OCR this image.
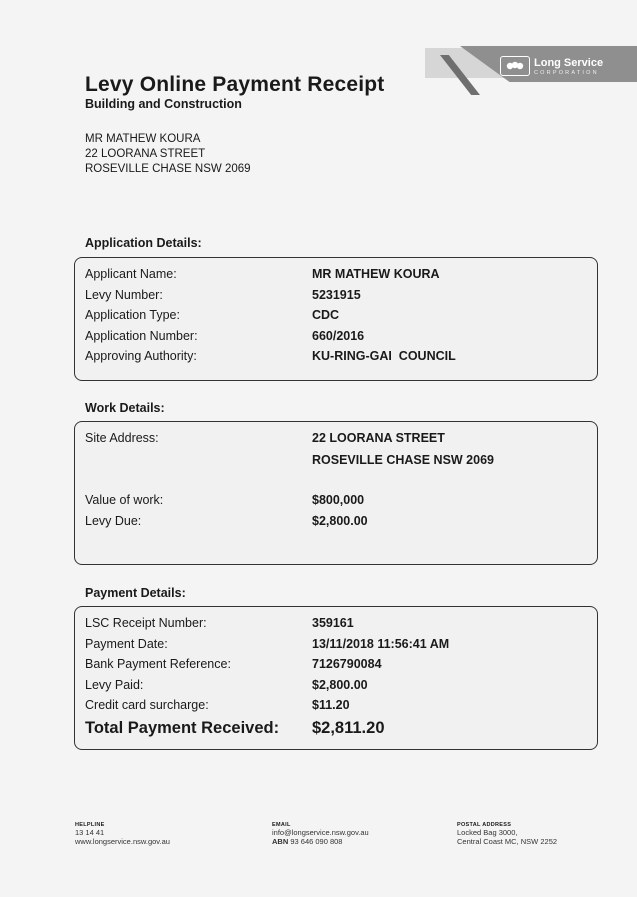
Long Service
CORPORATION
Levy Online Payment Receipt
Building and Construction
MR MATHEW KOURA
22 LOORANA STREET
ROSEVILLE CHASE NSW 2069
Application Details:
Applicant Name:	MR MATHEW KOURA
Levy Number:	5231915
Application Type:	CDC
Application Number:	660/2016
Approving Authority:	KU-RING-GAI  COUNCIL
Work Details:
Site Address:	22 LOORANA STREET
ROSEVILLE CHASE NSW 2069
Value of work:	$800,000
Levy Due:	$2,800.00
Payment Details:
LSC Receipt Number:	359161
Payment Date:	13/11/2018 11:56:41 AM
Bank Payment Reference:	7126790084
Levy Paid:	$2,800.00
Credit card surcharge:	$11.20
Total Payment Received: $2,811.20
HELPLINE
13 14 41
www.longservice.nsw.gov.au
EMAIL
info@longservice.nsw.gov.au
ABN 93 646 090 808
POSTAL ADDRESS
Locked Bag 3000,
Central Coast MC, NSW 2252
